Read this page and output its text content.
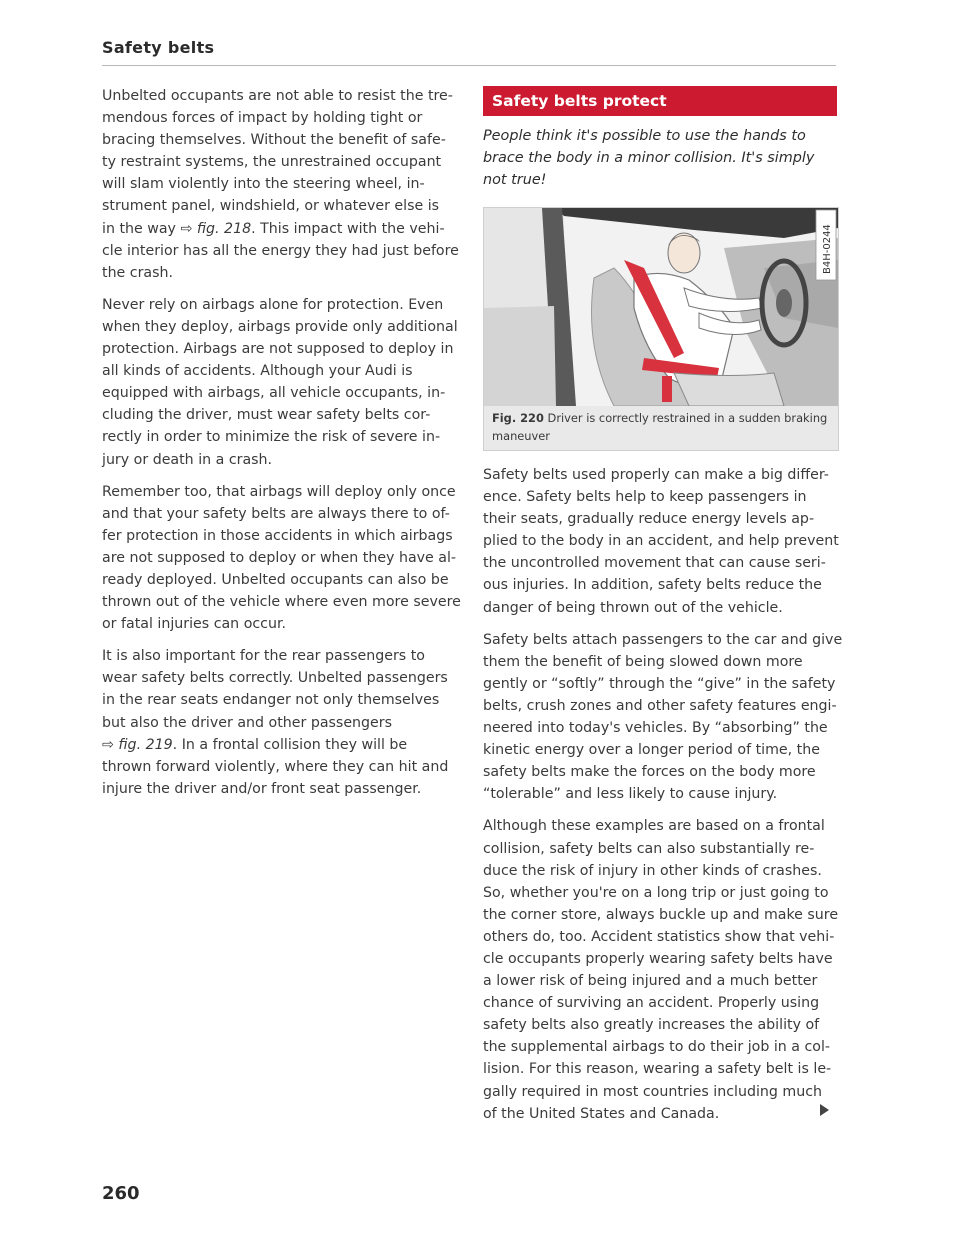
Safety belts

Unbelted occupants are not able to resist the tre-
mendous forces of impact by holding tight or
bracing themselves. Without the benefit of safe-
ty restraint systems, the unrestrained occupant
will slam violently into the steering wheel, in-
strument panel, windshield, or whatever else is
in the way ⇨ fig. 218. This impact with the vehi-
cle interior has all the energy they had just before
the crash.

Never rely on airbags alone for protection. Even
when they deploy, airbags provide only additional
protection. Airbags are not supposed to deploy in
all kinds of accidents. Although your Audi is
equipped with airbags, all vehicle occupants, in-
cluding the driver, must wear safety belts cor-
rectly in order to minimize the risk of severe in-
jury or death in a crash.

Remember too, that airbags will deploy only once
and that your safety belts are always there to of-
fer protection in those accidents in which airbags
are not supposed to deploy or when they have al-
ready deployed. Unbelted occupants can also be
thrown out of the vehicle where even more severe
or fatal injuries can occur.

It is also important for the rear passengers to
wear safety belts correctly. Unbelted passengers
in the rear seats endanger not only themselves
but also the driver and other passengers
⇨ fig. 219. In a frontal collision they will be
thrown forward violently, where they can hit and
injure the driver and/or front seat passenger.

Safety belts protect
People think it's possible to use the hands to
brace the body in a minor collision. It's simply
not true!
B4H-0244
Fig. 220 Driver is correctly restrained in a sudden braking
maneuver

Safety belts used properly can make a big differ-
ence. Safety belts help to keep passengers in
their seats, gradually reduce energy levels ap-
plied to the body in an accident, and help prevent
the uncontrolled movement that can cause seri-
ous injuries. In addition, safety belts reduce the
danger of being thrown out of the vehicle.

Safety belts attach passengers to the car and give
them the benefit of being slowed down more
gently or “softly” through the “give” in the safety
belts, crush zones and other safety features engi-
neered into today's vehicles. By “absorbing” the
kinetic energy over a longer period of time, the
safety belts make the forces on the body more
“tolerable” and less likely to cause injury.

Although these examples are based on a frontal
collision, safety belts can also substantially re-
duce the risk of injury in other kinds of crashes.
So, whether you're on a long trip or just going to
the corner store, always buckle up and make sure
others do, too. Accident statistics show that vehi-
cle occupants properly wearing safety belts have
a lower risk of being injured and a much better
chance of surviving an accident. Properly using
safety belts also greatly increases the ability of
the supplemental airbags to do their job in a col-
lision. For this reason, wearing a safety belt is le-
gally required in most countries including much
of the United States and Canada.

260
